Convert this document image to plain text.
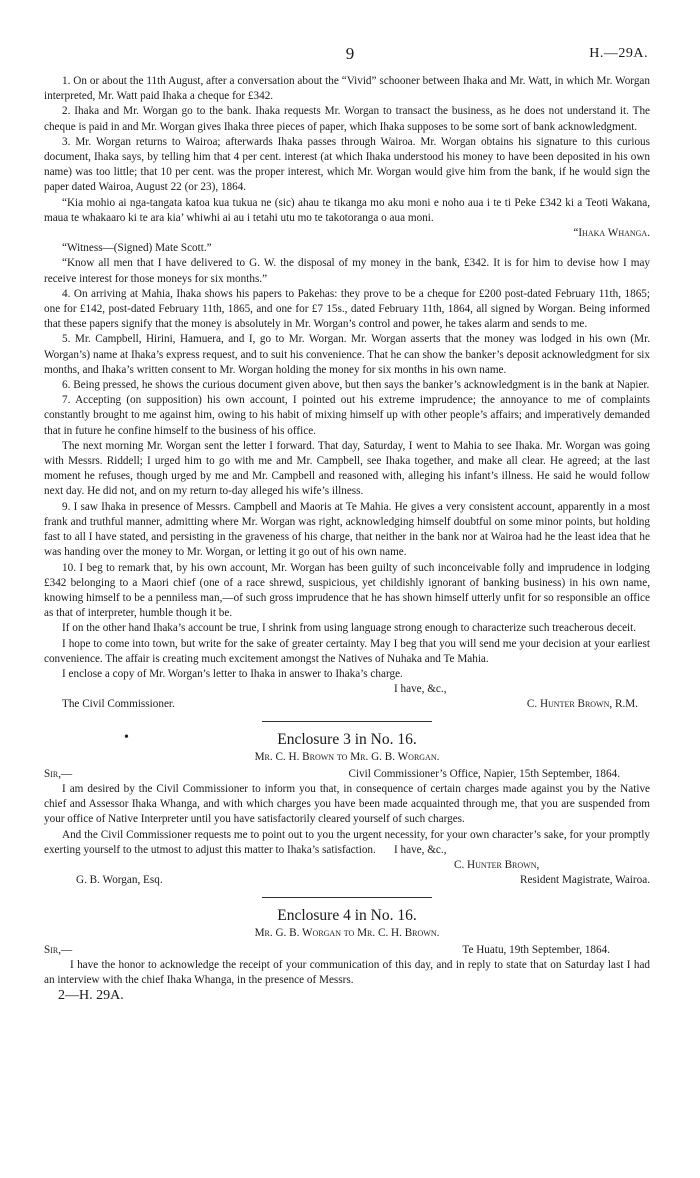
9	H.—29A.

1. On or about the 11th August, after a conversation about the “Vivid” schooner between Ihaka and Mr. Watt, in which Mr. Worgan interpreted, Mr. Watt paid Ihaka a cheque for £342.

2. Ihaka and Mr. Worgan go to the bank. Ihaka requests Mr. Worgan to transact the business, as he does not understand it. The cheque is paid in and Mr. Worgan gives Ihaka three pieces of paper, which Ihaka supposes to be some sort of bank acknowledgment.

3. Mr. Worgan returns to Wairoa; afterwards Ihaka passes through Wairoa. Mr. Worgan obtains his signature to this curious document, Ihaka says, by telling him that 4 per cent. interest (at which Ihaka understood his money to have been deposited in his own name) was too little; that 10 per cent. was the proper interest, which Mr. Worgan would give him from the bank, if he would sign the paper dated Wairoa, August 22 (or 23), 1864.

“Kia mohio ai nga-tangata katoa kua tukua ne (sic) ahau te tikanga mo aku moni e noho aua i te ti Peke £342 ki a Teoti Wakana, maua te whakaaro ki te ara kia’ whiwhi ai au i tetahi utu mo te takotoranga o aua moni.

“Ihaka Whanga.

“Witness—(Signed) Mate Scott.”

“Know all men that I have delivered to G. W. the disposal of my money in the bank, £342. It is for him to devise how I may receive interest for those moneys for six months.”

4. On arriving at Mahia, Ihaka shows his papers to Pakehas: they prove to be a cheque for £200 post-dated February 11th, 1865; one for £142, post-dated February 11th, 1865, and one for £7 15s., dated February 11th, 1864, all signed by Worgan. Being informed that these papers signify that the money is absolutely in Mr. Worgan’s control and power, he takes alarm and sends to me.

5. Mr. Campbell, Hirini, Hamuera, and I, go to Mr. Worgan. Mr. Worgan asserts that the money was lodged in his own (Mr. Worgan’s) name at Ihaka’s express request, and to suit his convenience. That he can show the banker’s deposit acknowledgment for six months, and Ihaka’s written consent to Mr. Worgan holding the money for six months in his own name.

6. Being pressed, he shows the curious document given above, but then says the banker’s acknowledgment is in the bank at Napier.

7. Accepting (on supposition) his own account, I pointed out his extreme imprudence; the annoyance to me of complaints constantly brought to me against him, owing to his habit of mixing himself up with other people’s affairs; and imperatively demanded that in future he confine himself to the business of his office.

The next morning Mr. Worgan sent the letter I forward. That day, Saturday, I went to Mahia to see Ihaka. Mr. Worgan was going with Messrs. Riddell; I urged him to go with me and Mr. Campbell, see Ihaka together, and make all clear. He agreed; at the last moment he refuses, though urged by me and Mr. Campbell and reasoned with, alleging his infant’s illness. He said he would follow next day. He did not, and on my return to-day alleged his wife’s illness.

9. I saw Ihaka in presence of Messrs. Campbell and Maoris at Te Mahia. He gives a very consistent account, apparently in a most frank and truthful manner, admitting where Mr. Worgan was right, acknowledging himself doubtful on some minor points, but holding fast to all I have stated, and persisting in the graveness of his charge, that neither in the bank nor at Wairoa had he the least idea that he was handing over the money to Mr. Worgan, or letting it go out of his own name.

10. I beg to remark that, by his own account, Mr. Worgan has been guilty of such inconceivable folly and imprudence in lodging £342 belonging to a Maori chief (one of a race shrewd, suspicious, yet childishly ignorant of banking business) in his own name, knowing himself to be a penniless man,—of such gross imprudence that he has shown himself utterly unfit for so responsible an office as that of interpreter, humble though it be.

If on the other hand Ihaka’s account be true, I shrink from using language strong enough to characterize such treacherous deceit.

I hope to come into town, but write for the sake of greater certainty. May I beg that you will send me your decision at your earliest convenience. The affair is creating much excitement amongst the Natives of Nuhaka and Te Mahia.

I enclose a copy of Mr. Worgan’s letter to Ihaka in answer to Ihaka’s charge.

I have, &c.,
The Civil Commissioner.	C. Hunter Brown, R.M.
•	Enclosure 3 in No. 16.
Mr. C. H. Brown to Mr. G. B. Worgan.
Sir,—	Civil Commissioner’s Office, Napier, 15th September, 1864.

I am desired by the Civil Commissioner to inform you that, in consequence of certain charges made against you by the Native chief and Assessor Ihaka Whanga, and with which charges you have been made acquainted through me, that you are suspended from your office of Native Interpreter until you have satisfactorily cleared yourself of such charges.

And the Civil Commissioner requests me to point out to you the urgent necessity, for your own character’s sake, for your promptly exerting yourself to the utmost to adjust this matter to Ihaka’s satisfaction.	I have, &c.,
C. Hunter Brown,
G. B. Worgan, Esq.	Resident Magistrate, Wairoa.
Enclosure 4 in No. 16.
Mr. G. B. Worgan to Mr. C. H. Brown.
Sir,—	Te Huatu, 19th September, 1864.

I have the honor to acknowledge the receipt of your communication of this day, and in reply to state that on Saturday last I had an interview with the chief Ihaka Whanga, in the presence of Messrs.

2—H. 29A.
